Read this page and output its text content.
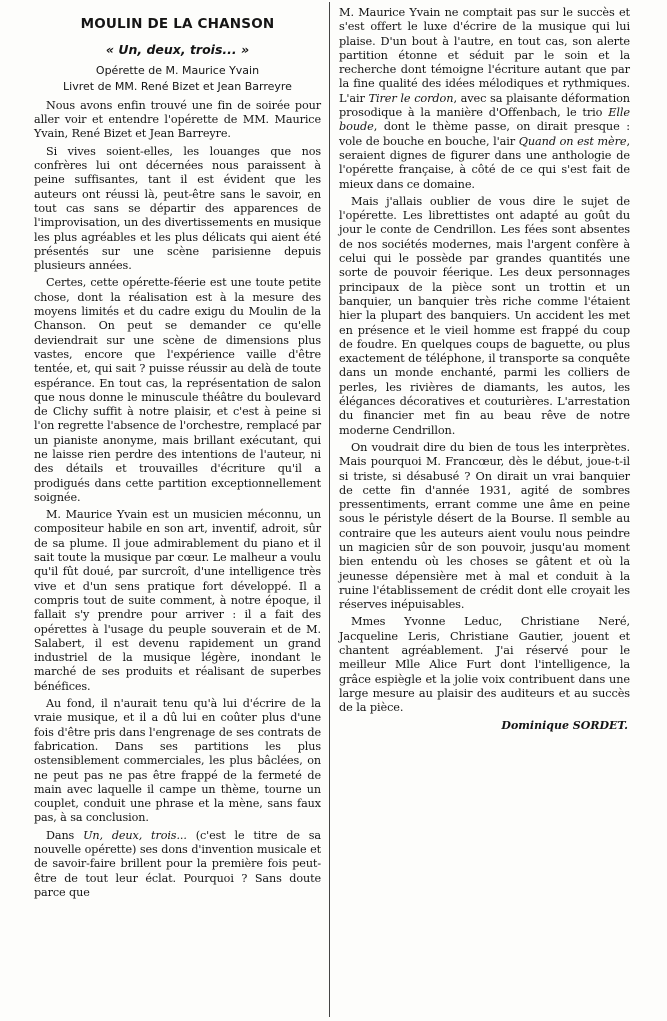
MOULIN DE LA CHANSON
« Un, deux, trois... »

Opérette de M. Maurice Yvain

Livret de MM. René Bizet et Jean Barreyre

Nous avons enfin trouvé une fin de soirée pour aller voir et entendre l'opérette de MM. Maurice Yvain, René Bizet et Jean Barreyre.

Si vives soient-elles, les louanges que nos confrères lui ont décernées nous paraissent à peine suffisantes, tant il est évident que les auteurs ont réussi là, peut-être sans le savoir, en tout cas sans se départir des apparences de l'improvisation, un des divertissements en musique les plus agréables et les plus délicats qui aient été présentés sur une scène parisienne depuis plusieurs années.

Certes, cette opérette-féerie est une toute petite chose, dont la réalisation est à la mesure des moyens limités et du cadre exigu du Moulin de la Chanson. On peut se demander ce qu'elle deviendrait sur une scène de dimensions plus vastes, encore que l'expérience vaille d'être tentée, et, qui sait ? puisse réussir au delà de toute espérance. En tout cas, la représentation de salon que nous donne le minuscule théâtre du boulevard de Clichy suffit à notre plaisir, et c'est à peine si l'on regrette l'absence de l'orchestre, remplacé par un pianiste anonyme, mais brillant exécutant, qui ne laisse rien perdre des intentions de l'auteur, ni des détails et trouvailles d'écriture qu'il a prodigués dans cette partition exceptionnellement soignée.

M. Maurice Yvain est un musicien méconnu, un compositeur habile en son art, inventif, adroit, sûr de sa plume. Il joue admirablement du piano et il sait toute la musique par cœur. Le malheur a voulu qu'il fût doué, par surcroît, d'une intelligence très vive et d'un sens pratique fort développé. Il a compris tout de suite comment, à notre époque, il fallait s'y prendre pour arriver : il a fait des opérettes à l'usage du peuple souverain et de M. Salabert, il est devenu rapidement un grand industriel de la musique légère, inondant le marché de ses produits et réalisant de superbes bénéfices.

Au fond, il n'aurait tenu qu'à lui d'écrire de la vraie musique, et il a dû lui en coûter plus d'une fois d'être pris dans l'engrenage de ses contrats de fabrication. Dans ses partitions les plus ostensiblement commerciales, les plus bâclées, on ne peut pas ne pas être frappé de la fermeté de main avec laquelle il campe un thème, tourne un couplet, conduit une phrase et la mène, sans faux pas, à sa conclusion.

Dans Un, deux, trois... (c'est le titre de sa nouvelle opérette) ses dons d'invention musicale et de savoir-faire brillent pour la première fois peut-être de tout leur éclat. Pourquoi ? Sans doute parce que

M. Maurice Yvain ne comptait pas sur le succès et s'est offert le luxe d'écrire de la musique qui lui plaise. D'un bout à l'autre, en tout cas, son alerte partition étonne et séduit par le soin et la recherche dont témoigne l'écriture autant que par la fine qualité des idées mélodiques et rythmiques. L'air Tirer le cordon, avec sa plaisante déformation prosodique à la manière d'Offenbach, le trio Elle boude, dont le thème passe, on dirait presque : vole de bouche en bouche, l'air Quand on est mère, seraient dignes de figurer dans une anthologie de l'opérette française, à côté de ce qui s'est fait de mieux dans ce domaine.

Mais j'allais oublier de vous dire le sujet de l'opérette. Les librettistes ont adapté au goût du jour le conte de Cendrillon. Les fées sont absentes de nos sociétés modernes, mais l'argent confère à celui qui le possède par grandes quantités une sorte de pouvoir féerique. Les deux personnages principaux de la pièce sont un trottin et un banquier, un banquier très riche comme l'étaient hier la plupart des banquiers. Un accident les met en présence et le vieil homme est frappé du coup de foudre. En quelques coups de baguette, ou plus exactement de téléphone, il transporte sa conquête dans un monde enchanté, parmi les colliers de perles, les rivières de diamants, les autos, les élégances décoratives et couturières. L'arrestation du financier met fin au beau rêve de notre moderne Cendrillon.

On voudrait dire du bien de tous les interprètes. Mais pourquoi M. Francœur, dès le début, joue-t-il si triste, si désabusé ? On dirait un vrai banquier de cette fin d'année 1931, agité de sombres pressentiments, errant comme une âme en peine sous le péristyle désert de la Bourse. Il semble au contraire que les auteurs aient voulu nous peindre un magicien sûr de son pouvoir, jusqu'au moment bien entendu où les choses se gâtent et où la jeunesse dépensière met à mal et conduit à la ruine l'établissement de crédit dont elle croyait les réserves inépuisables.

Mmes Yvonne Leduc, Christiane Neré, Jacqueline Leris, Christiane Gautier, jouent et chantent agréablement. J'ai réservé pour le meilleur Mlle Alice Furt dont l'intelligence, la grâce espiègle et la jolie voix contribuent dans une large mesure au plaisir des auditeurs et au succès de la pièce.

Dominique SORDET.
